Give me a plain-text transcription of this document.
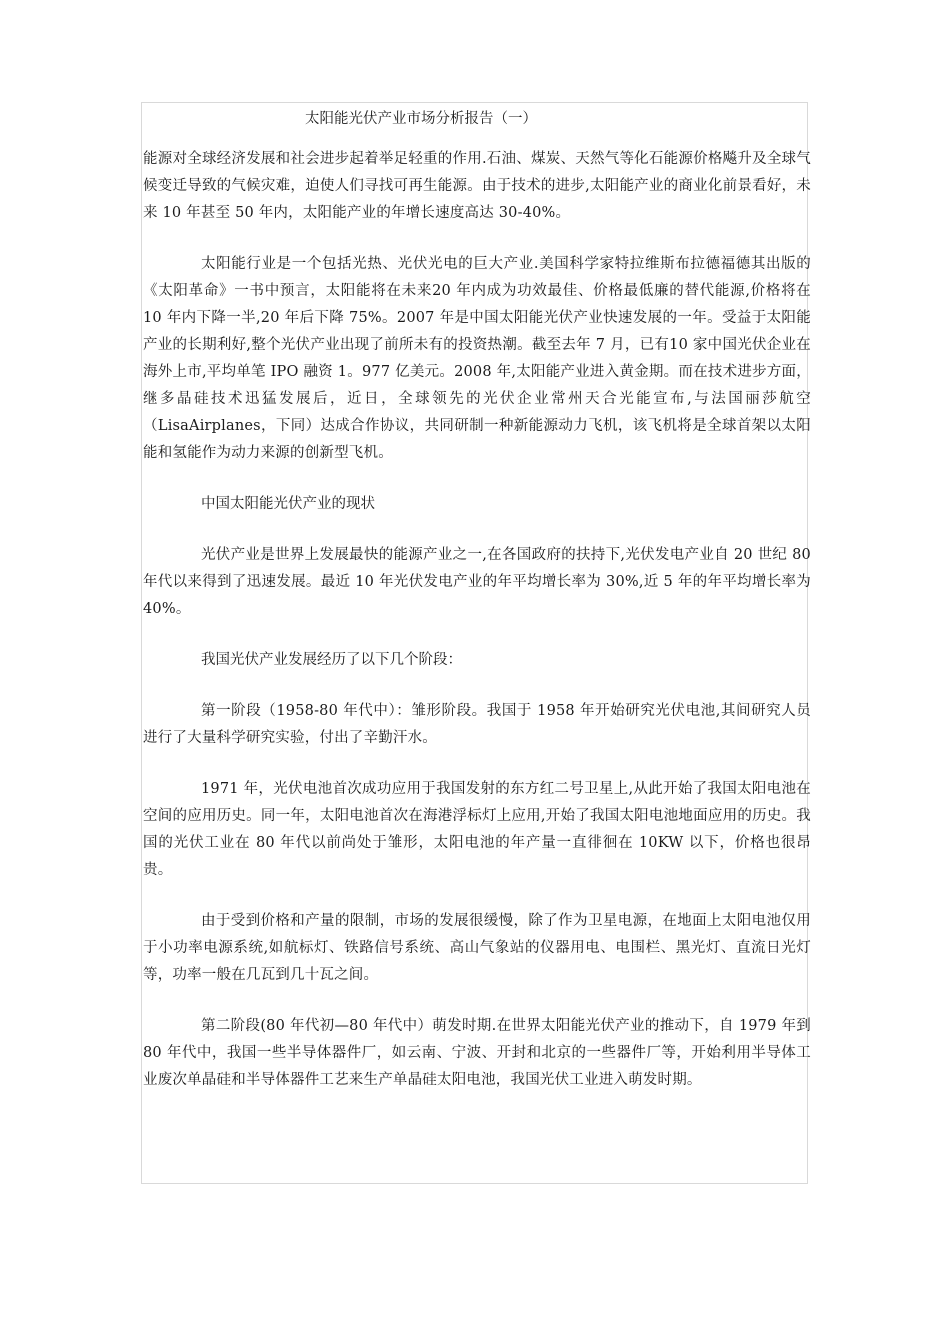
太阳能光伏产业市场分析报告（一）

能源对全球经济发展和社会进步起着举足轻重的作用.石油、煤炭、天然气等化石能源价格飚升及全球气候变迁导致的气候灾难，迫使人们寻找可再生能源。由于技术的进步,太阳能产业的商业化前景看好，未来 10 年甚至 50 年内，太阳能产业的年增长速度高达 30-40%。

太阳能行业是一个包括光热、光伏光电的巨大产业.美国科学家特拉维斯布拉德福德其出版的《太阳革命》一书中预言，太阳能将在未来20 年内成为功效最佳、价格最低廉的替代能源,价格将在 10 年内下降一半,20 年后下降 75%。2007 年是中国太阳能光伏产业快速发展的一年。受益于太阳能产业的长期利好,整个光伏产业出现了前所未有的投资热潮。截至去年 7 月，已有10 家中国光伏企业在海外上市,平均单笔 IPO 融资 1。977 亿美元。2008 年,太阳能产业进入黄金期。而在技术进步方面，继多晶硅技术迅猛发展后，近日，全球领先的光伏企业常州天合光能宣布,与法国丽莎航空（LisaAirplanes，下同）达成合作协议，共同研制一种新能源动力飞机，该飞机将是全球首架以太阳能和氢能作为动力来源的创新型飞机。

中国太阳能光伏产业的现状

光伏产业是世界上发展最快的能源产业之一,在各国政府的扶持下,光伏发电产业自 20 世纪 80 年代以来得到了迅速发展。最近 10 年光伏发电产业的年平均增长率为 30%,近 5 年的年平均增长率为 40%。

我国光伏产业发展经历了以下几个阶段：

第一阶段（1958-80 年代中）：雏形阶段。我国于 1958 年开始研究光伏电池,其间研究人员进行了大量科学研究实验，付出了辛勤汗水。

1971 年，光伏电池首次成功应用于我国发射的东方红二号卫星上,从此开始了我国太阳电池在空间的应用历史。同一年，太阳电池首次在海港浮标灯上应用,开始了我国太阳电池地面应用的历史。我国的光伏工业在 80 年代以前尚处于雏形，太阳电池的年产量一直徘徊在 10KW 以下，价格也很昂贵。

由于受到价格和产量的限制，市场的发展很缓慢，除了作为卫星电源，在地面上太阳电池仅用于小功率电源系统,如航标灯、铁路信号系统、高山气象站的仪器用电、电围栏、黑光灯、直流日光灯等，功率一般在几瓦到几十瓦之间。

第二阶段(80 年代初—80 年代中）萌发时期.在世界太阳能光伏产业的推动下，自 1979 年到 80 年代中，我国一些半导体器件厂，如云南、宁波、开封和北京的一些器件厂等，开始利用半导体工业废次单晶硅和半导体器件工艺来生产单晶硅太阳电池，我国光伏工业进入萌发时期。
